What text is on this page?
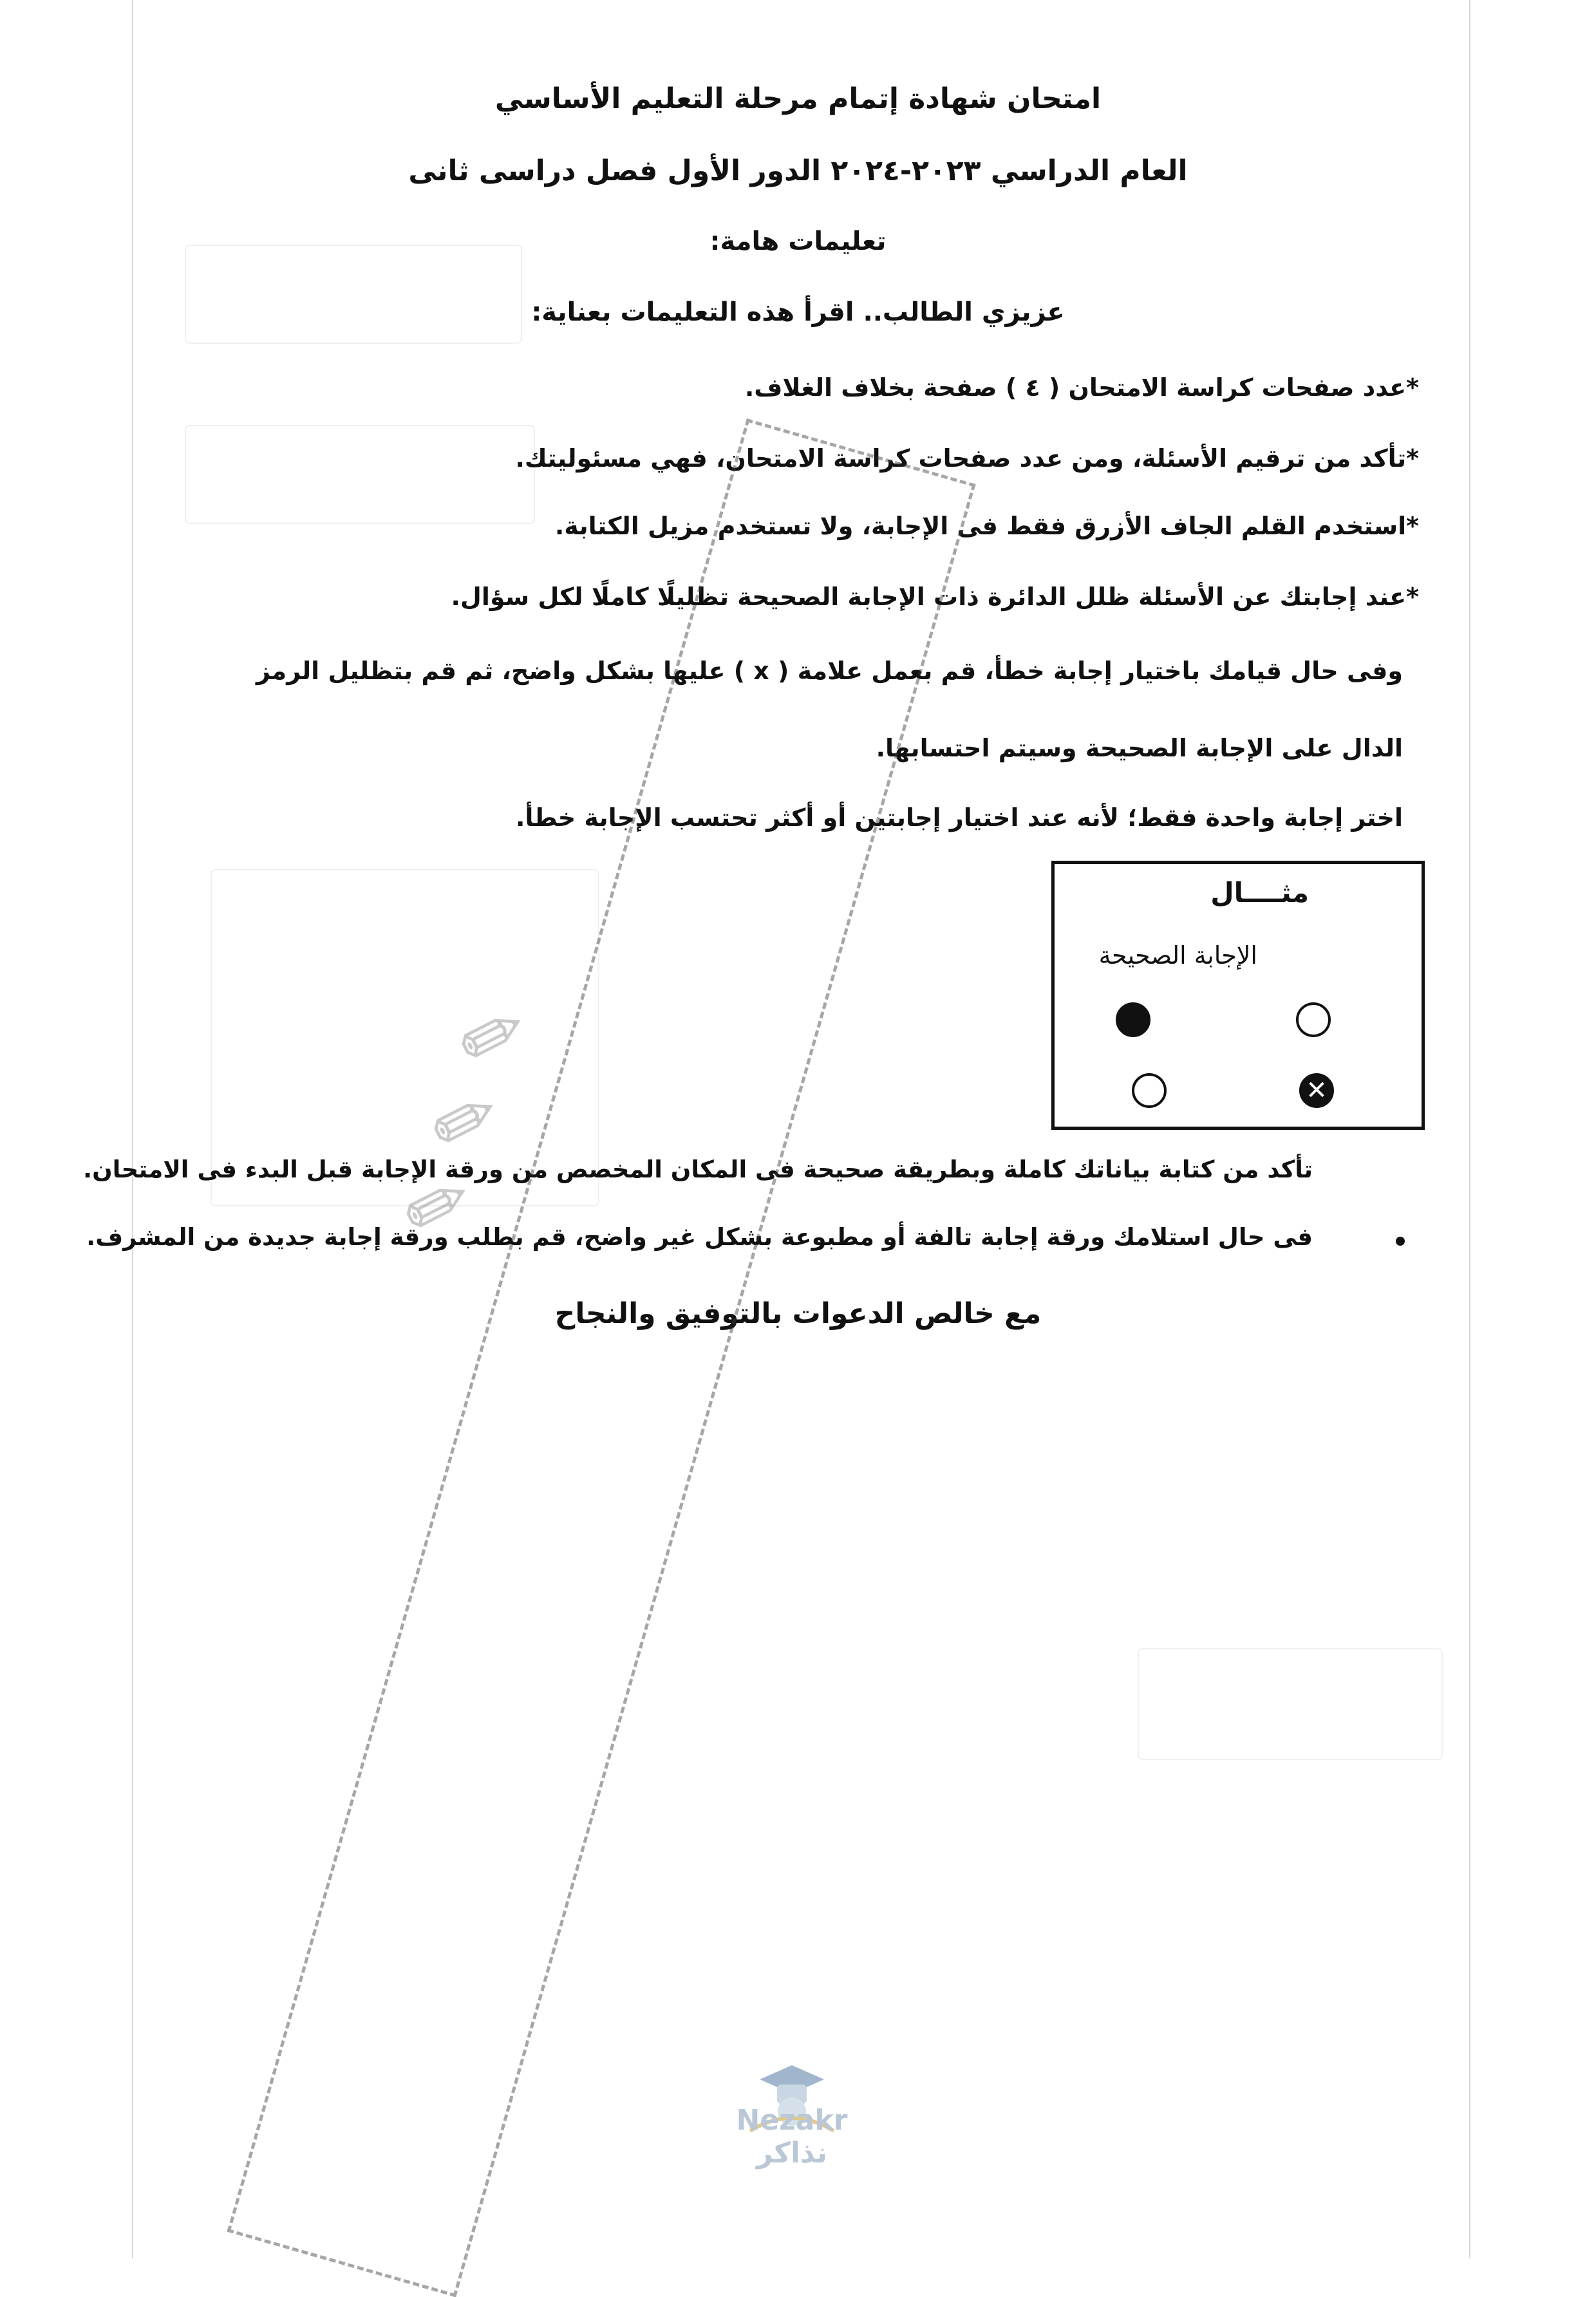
امتحان شهادة إتمام مرحلة التعليم الأساسي
العام الدراسي ٢٠٢٣-٢٠٢٤ الدور الأول فصل دراسى ثانى
تعليمات هامة:
عزيزي الطالب.. اقرأ هذه التعليمات بعناية:
*عدد صفحات كراسة الامتحان ( ٤ ) صفحة بخلاف الغلاف.
*تأكد من ترقيم الأسئلة، ومن عدد صفحات كراسة الامتحان، فهي مسئوليتك.
*استخدم القلم الجاف الأزرق فقط فى الإجابة، ولا تستخدم مزيل الكتابة.
*عند إجابتك عن الأسئلة ظلل الدائرة ذات الإجابة الصحيحة تظليلًا كاملًا لكل سؤال.
وفى حال قيامك باختيار إجابة خطأ، قم بعمل علامة ( x ) عليها بشكل واضح، ثم قم بتظليل الرمز
الدال على الإجابة الصحيحة وسيتم احتسابها.
اختر إجابة واحدة فقط؛ لأنه عند اختيار إجابتين أو أكثر تحتسب الإجابة خطأ.
مثــــال
الإجابة الصحيحة
✕
تأكد من كتابة بياناتك كاملة وبطريقة صحيحة فى المكان المخصص من ورقة الإجابة قبل البدء فى الامتحان.
فى حال استلامك ورقة إجابة تالفة أو مطبوعة بشكل غير واضح، قم بطلب ورقة إجابة جديدة من المشرف.
مع خالص الدعوات بالتوفيق والنجاح
✎ ✎ ✎
Nezakr نذاكر
